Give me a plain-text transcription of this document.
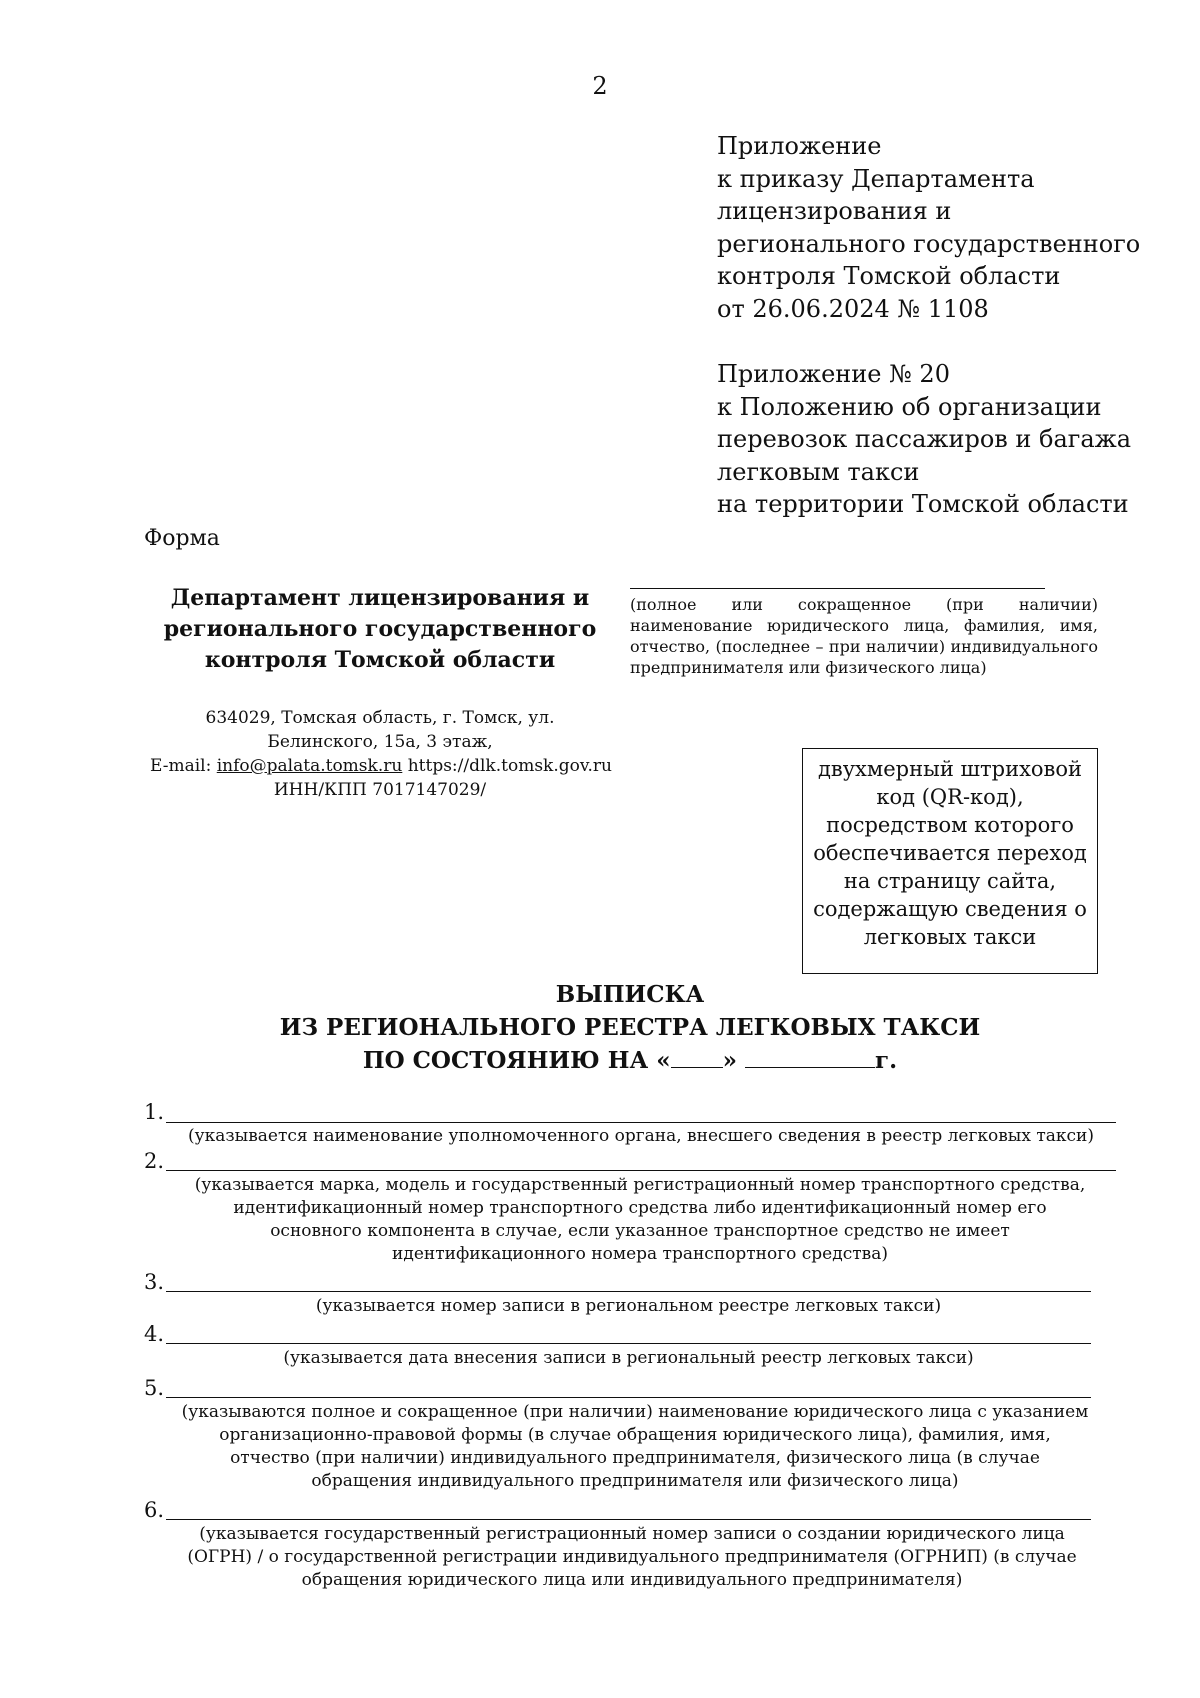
2
Приложение
к приказу Департамента
лицензирования и
регионального государственного
контроля Томской области
от 26.06.2024 № 1108
Приложение № 20
к Положению об организации
перевозок пассажиров и багажа
легковым такси
на территории Томской области
Форма
Департамент лицензирования и регионального государственного контроля Томской области
634029, Томская область, г. Томск, ул. Белинского, 15а, 3 этаж,
E-mail: info@palata.tomsk.ru https://dlk.tomsk.gov.ru
ИНН/КПП 7017147029/
(полное или сокращенное (при наличии) наименование юридического лица, фамилия, имя, отчество, (последнее – при наличии) индивидуального предпринимателя или физического лица)
двухмерный штриховой код (QR-код), посредством которого обеспечивается переход на страницу сайта, содержащую сведения о легковых такси
ВЫПИСКА
ИЗ РЕГИОНАЛЬНОГО РЕЕСТРА ЛЕГКОВЫХ ТАКСИ
ПО СОСТОЯНИЮ НА « »	г.
1.
(указывается наименование уполномоченного органа, внесшего сведения в реестр легковых такси)
2.
(указывается марка, модель и государственный регистрационный номер транспортного средства, идентификационный номер транспортного средства либо идентификационный номер его основного компонента в случае, если указанное транспортное средство не имеет идентификационного номера транспортного средства)
3.
(указывается номер записи в региональном реестре легковых такси)
4.
(указывается дата внесения записи в региональный реестр легковых такси)
5.
(указываются полное и сокращенное (при наличии) наименование юридического лица с указанием организационно-правовой формы (в случае обращения юридического лица), фамилия, имя, отчество (при наличии) индивидуального предпринимателя, физического лица (в случае обращения индивидуального предпринимателя или физического лица)
6.
(указывается государственный регистрационный номер записи о создании юридического лица (ОГРН) / о государственной регистрации индивидуального предпринимателя (ОГРНИП) (в случае обращения юридического лица или индивидуального предпринимателя)
